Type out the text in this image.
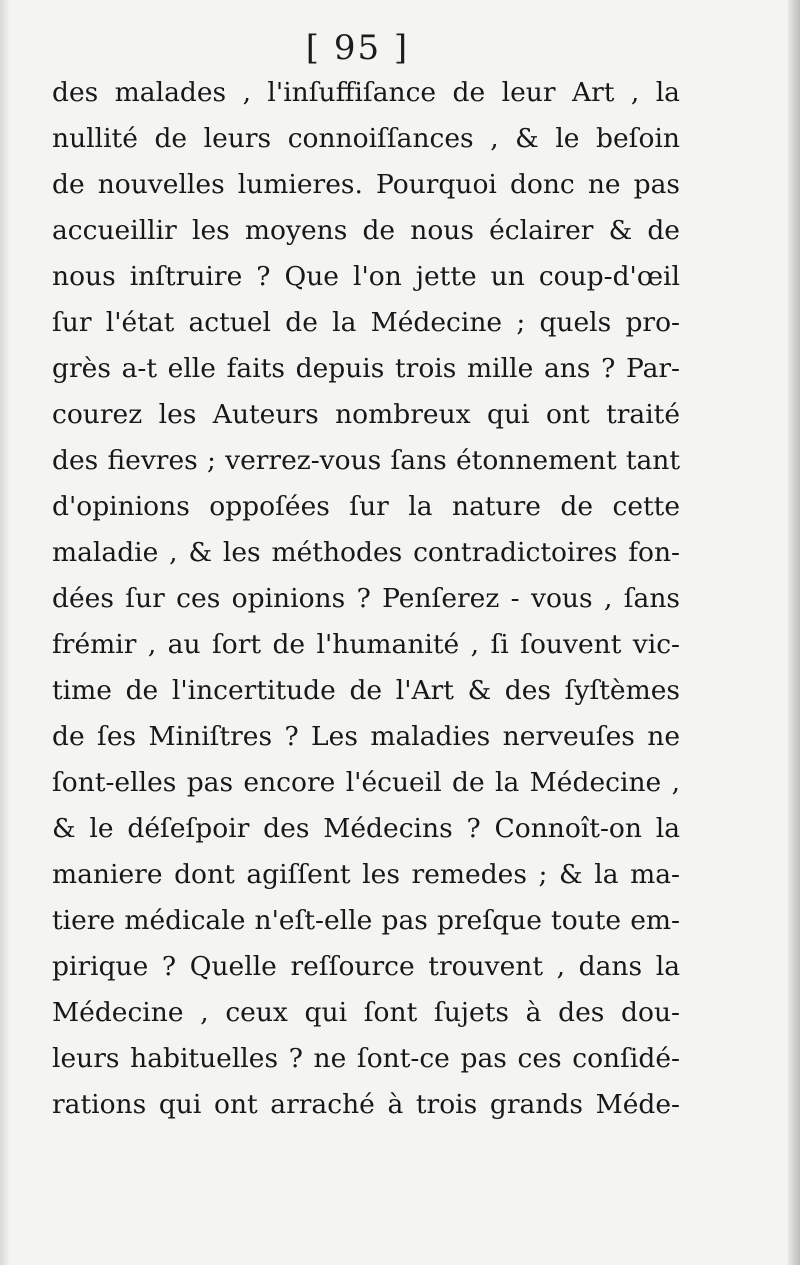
[ 95 ]
des malades , l'inſuffiſance de leur Art , la
nullité de leurs connoiſſances , & le beſoin
de nouvelles lumieres. Pourquoi donc ne pas
accueillir les moyens de nous éclairer & de
nous inſtruire ? Que l'on jette un coup-d'œil
ſur l'état actuel de la Médecine ; quels pro-
grès a-t elle faits depuis trois mille ans ? Par-
courez les Auteurs nombreux qui ont traité
des fievres ; verrez-vous ſans étonnement tant
d'opinions oppoſées ſur la nature de cette
maladie , & les méthodes contradictoires fon-
dées ſur ces opinions ? Penſerez - vous , ſans
frémir , au ſort de l'humanité , ſi ſouvent vic-
time de l'incertitude de l'Art & des ſyſtèmes
de ſes Miniſtres ? Les maladies nerveuſes ne
ſont-elles pas encore l'écueil de la Médecine ,
& le déſeſpoir des Médecins ? Connoît-on la
maniere dont agiſſent les remedes ; & la ma-
tiere médicale n'eſt-elle pas preſque toute em-
pirique ? Quelle reſſource trouvent , dans la
Médecine , ceux qui ſont ſujets à des dou-
leurs habituelles ? ne ſont-ce pas ces conſidé-
rations qui ont arraché à trois grands Méde-
